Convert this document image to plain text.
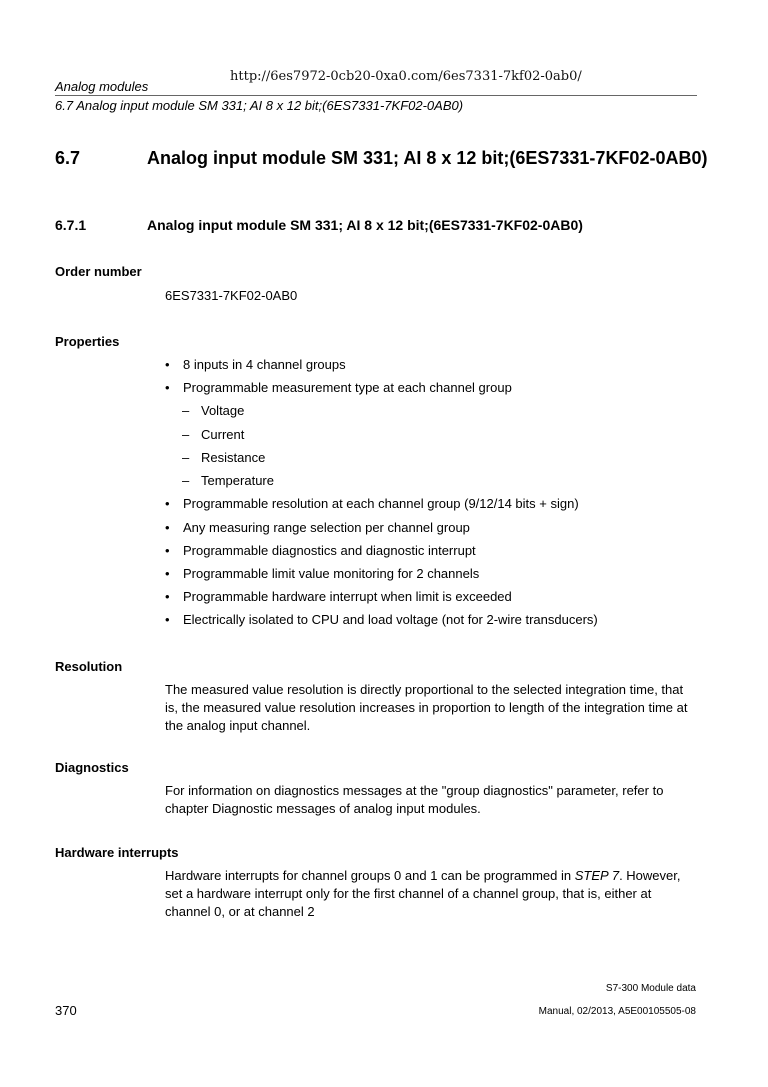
http://6es7972-0cb20-0xa0.com/6es7331-7kf02-0ab0/
Analog modules
6.7 Analog input module SM 331; AI 8 x 12 bit;(6ES7331-7KF02-0AB0)
6.7	Analog input module SM 331; AI 8 x 12 bit;(6ES7331-7KF02-0AB0)
6.7.1	Analog input module SM 331; AI 8 x 12 bit;(6ES7331-7KF02-0AB0)
Order number
6ES7331-7KF02-0AB0
Properties
• 8 inputs in 4 channel groups
• Programmable measurement type at each channel group
– Voltage
– Current
– Resistance
– Temperature
• Programmable resolution at each channel group (9/12/14 bits + sign)
• Any measuring range selection per channel group
• Programmable diagnostics and diagnostic interrupt
• Programmable limit value monitoring for 2 channels
• Programmable hardware interrupt when limit is exceeded
• Electrically isolated to CPU and load voltage (not for 2-wire transducers)
Resolution
The measured value resolution is directly proportional to the selected integration time, that is, the measured value resolution increases in proportion to length of the integration time at the analog input channel.
Diagnostics
For information on diagnostics messages at the "group diagnostics" parameter, refer to chapter Diagnostic messages of analog input modules.
Hardware interrupts
Hardware interrupts for channel groups 0 and 1 can be programmed in STEP 7. However, set a hardware interrupt only for the first channel of a channel group, that is, either at channel 0, or at channel 2
S7-300 Module data
370	Manual, 02/2013, A5E00105505-08
